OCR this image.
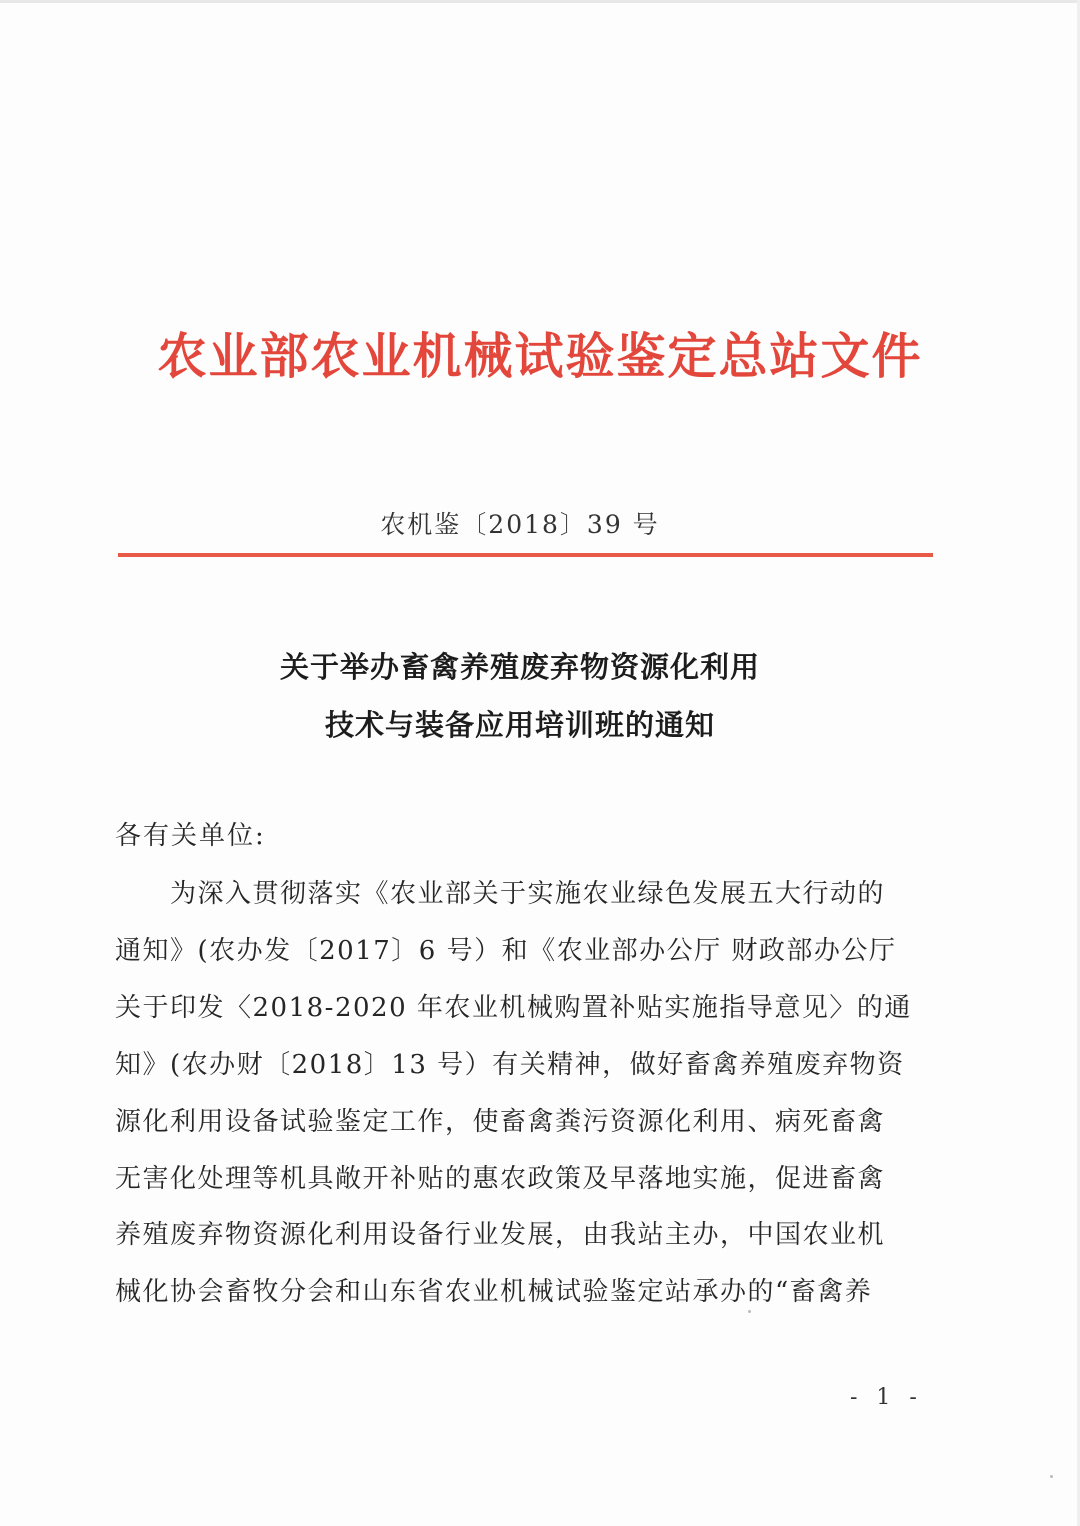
农业部农业机械试验鉴定总站文件
农机鉴〔2018〕39 号
关于举办畜禽养殖废弃物资源化利用
技术与装备应用培训班的通知
各有关单位:
　　为深入贯彻落实《农业部关于实施农业绿色发展五大行动的
通知》(农办发〔2017〕6 号）和《农业部办公厅 财政部办公厅
关于印发〈2018-2020 年农业机械购置补贴实施指导意见〉的通
知》(农办财〔2018〕13 号）有关精神，做好畜禽养殖废弃物资
源化利用设备试验鉴定工作，使畜禽粪污资源化利用、病死畜禽
无害化处理等机具敞开补贴的惠农政策及早落地实施，促进畜禽
养殖废弃物资源化利用设备行业发展，由我站主办，中国农业机
械化协会畜牧分会和山东省农业机械试验鉴定站承办的“畜禽养
- 1 -
